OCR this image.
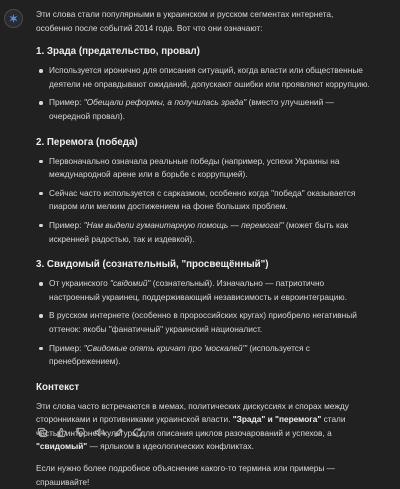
Эти слова стали популярными в украинском и русском сегментах интернета, особенно после событий 2014 года. Вот что они означают:

1. Зрада (предательство, провал)
Используется иронично для описания ситуаций, когда власти или общественные деятели не оправдывают ожиданий, допускают ошибки или проявляют коррупцию.
Пример: "Обещали реформы, а получилась зрада" (вместо улучшений — очередной провал).
2. Перемога (победа)
Первоначально означала реальные победы (например, успехи Украины на международной арене или в борьбе с коррупцией).
Сейчас часто используется с сарказмом, особенно когда "победа" оказывается пиаром или мелким достижением на фоне больших проблем.
Пример: "Нам выдели гуманитарную помощь — перемога!" (может быть как искренней радостью, так и издевкой).
3. Свидомый (сознательный, "просвещённый")
От украинского "свідомий" (сознательный). Изначально — патриотично настроенный украинец, поддерживающий независимость и евроинтеграцию.
В русском интернете (особенно в пророссийских кругах) приобрело негативный оттенок: якобы "фанатичный" украинский националист.
Пример: "Свидомые опять кричат про 'москалей'" (используется с пренебрежением).
Контекст

Эти слова часто встречаются в мемах, политических дискуссиях и спорах между сторонниками и противниками украинской власти. "Зрада" и "перемога" стали частью интернет-культуры для описания циклов разочарований и успехов, а "свидомый" — ярлыком в идеологических конфликтах.

Если нужно более подробное объяснение какого-то термина или примеры — спрашивайте!
